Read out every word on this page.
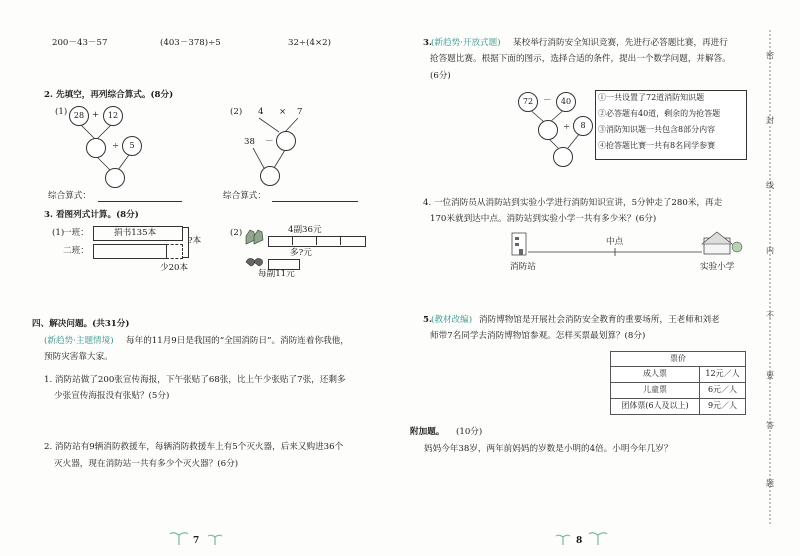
200－43－57	(403－378)÷5	32÷(4×2)
2. 先填空，再列综合算式。(8分)
(1) 28 +	12
÷	5
(2) 4 × 7
38 －
综合算式：	综合算式：
3. 看图列式计算。(8分)
(1)
一班：	捐书135本
二班：
?本
少20本
(2)	4副36元
多?元
每副11元
四、解决问题。(共31分)
(新趋势·主题情境) 每年的11月9日是我国的“全国消防日”。消防连着你我他，
预防灾害靠大家。
1. 消防站做了200张宣传海报，下午张贴了68张，比上午少张贴了7张，还剩多
少张宣传海报没有张贴？(5分)
2. 消防站有9辆消防救援车，每辆消防救援车上有5个灭火器，后来又购进36个
灭火器，现在消防站一共有多少个灭火器？(6分)
7
3. (新趋势·开放式题) 某校举行消防安全知识竞赛，先进行必答题比赛，再进行
抢答题比赛。根据下面的图示，选择合适的条件，提出一个数学问题，并解答。
(6分)
72	－	40
÷	8
①一共设置了72道消防知识题
②必答题有40道，剩余的为抢答题
③消防知识题一共包含8部分内容
④抢答题比赛一共有8名同学参赛
4. 一位消防员从消防站到实验小学进行消防知识宣讲，5分钟走了280米，再走
170米就到达中点。消防站到实验小学一共有多少米？(6分)
消防站
中点
实验小学
5. (教材改编) 消防博物馆是开展社会消防安全教育的重要场所，王老师和刘老
师带7名同学去消防博物馆参观。怎样买票最划算？(8分)
票价
成人票	12元／人
儿童票	6元／人
团体票(6人及以上)	9元／人
附加题。 (10分)
妈妈今年38岁，两年前妈妈的岁数是小明的4倍。小明今年几岁？
8
密
封
线
内
不
要
答
题
